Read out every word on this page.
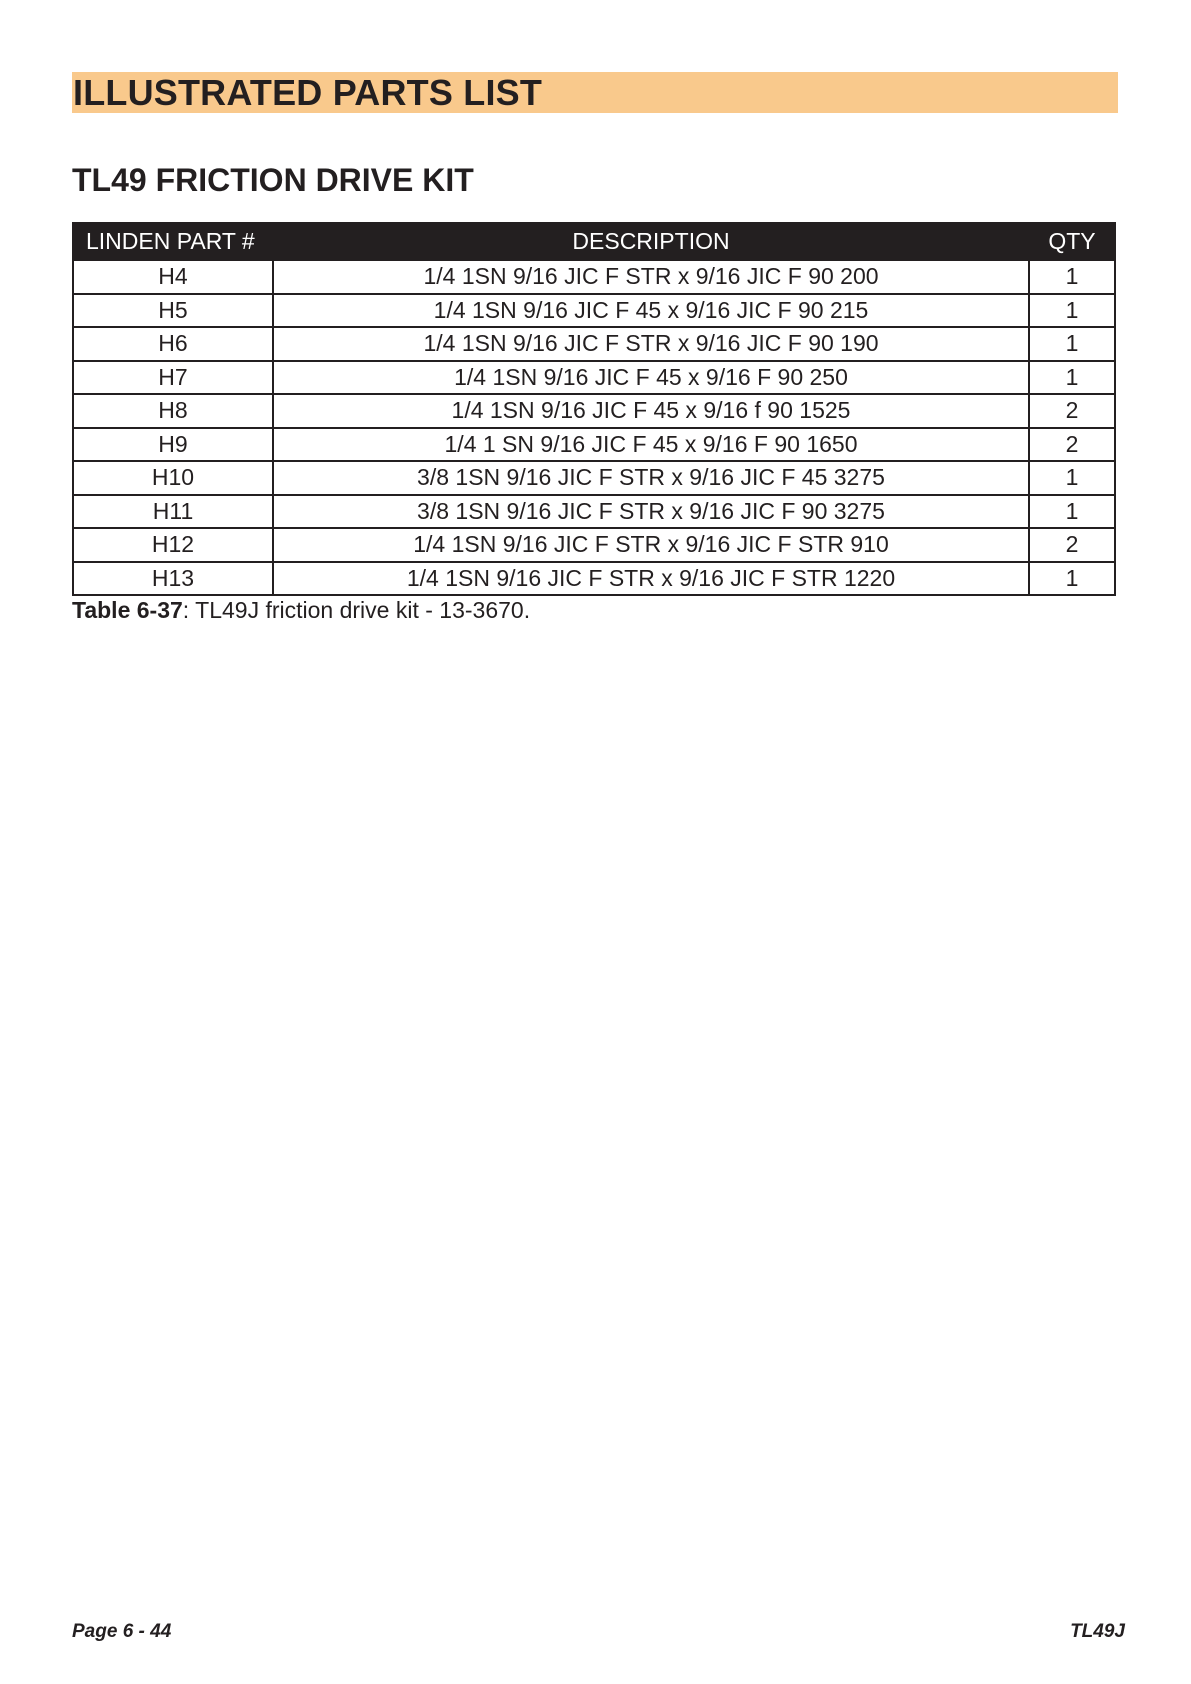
ILLUSTRATED PARTS LIST
TL49 FRICTION DRIVE KIT
LINDEN PART #	DESCRIPTION	QTY
H4	1/4 1SN 9/16 JIC F STR x 9/16 JIC F 90 200	1
H5	1/4 1SN 9/16 JIC F 45 x 9/16 JIC F 90 215	1
H6	1/4 1SN 9/16 JIC F STR x 9/16 JIC F 90 190	1
H7	1/4 1SN 9/16 JIC F 45 x 9/16 F 90 250	1
H8	1/4 1SN 9/16 JIC F 45 x 9/16 f 90 1525	2
H9	1/4 1 SN 9/16 JIC F 45 x 9/16 F 90 1650	2
H10	3/8 1SN 9/16 JIC F STR x 9/16 JIC F 45 3275	1
H11	3/8 1SN 9/16 JIC F STR x 9/16 JIC F 90 3275	1
H12	1/4 1SN 9/16 JIC F STR x 9/16 JIC F STR 910	2
H13	1/4 1SN 9/16 JIC F STR x 9/16 JIC F STR 1220	1
Table 6-37: TL49J friction drive kit - 13-3670.
Page 6 - 44	TL49J
